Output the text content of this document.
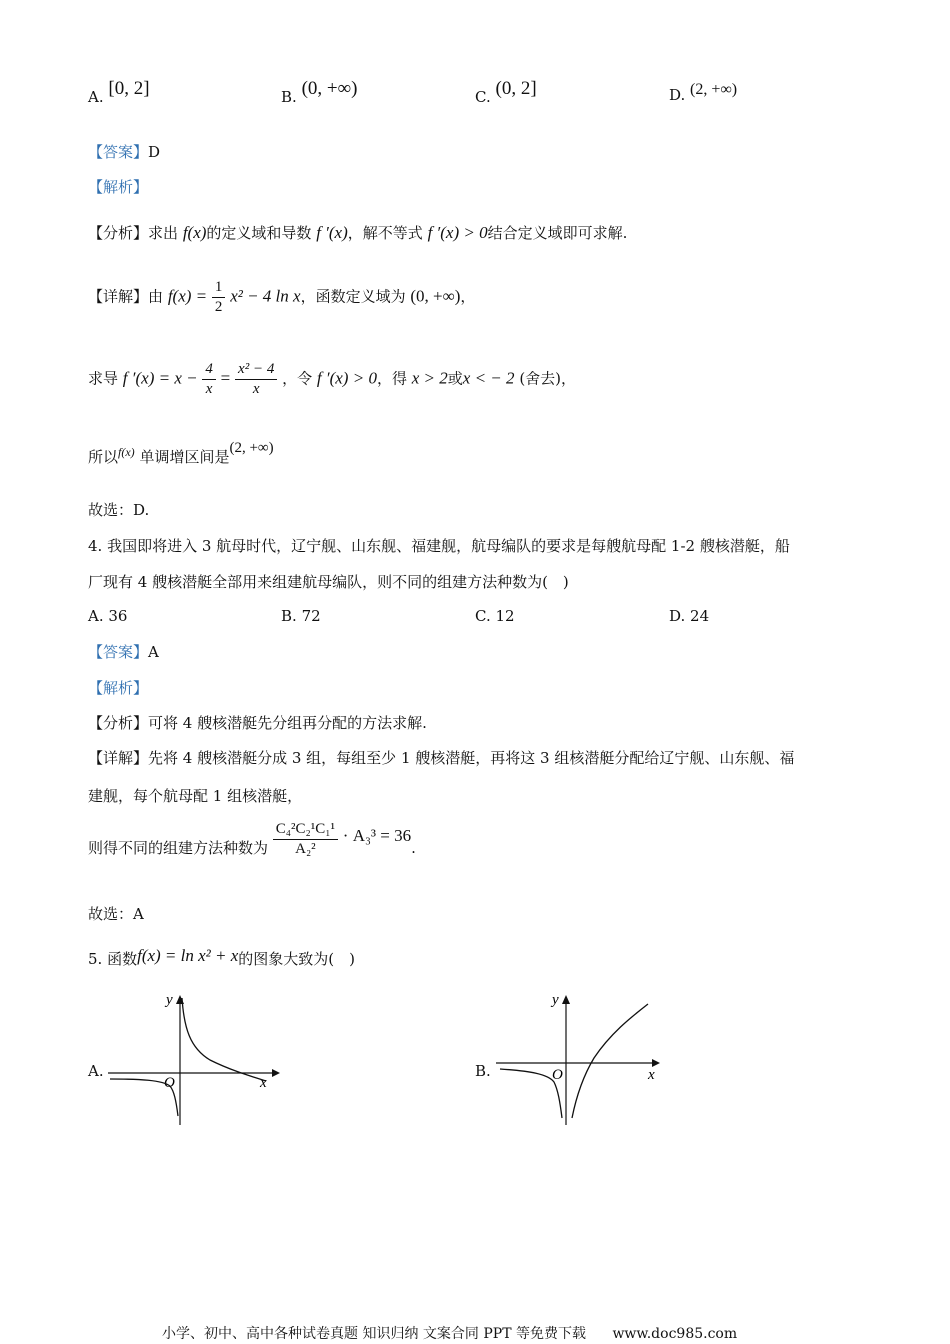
A. [0, 2]	B. (0, +∞)	C. (0, 2]	D. (2, +∞)
【答案】D
【解析】
【分析】求出 f(x)的定义域和导数 f ′(x)，解不等式 f ′(x) > 0结合定义域即可求解.
【详解】由 $f(x) = \frac{1}{2} x^2 - 4$ ln x，函数定义域为 (0, +∞)，
求导 f $'(x) = x - \frac{4}{x} = \frac{\text{x² − 4}}{x}$ ，令 f ′(x) > 0，得 x > 2或x < − 2 (舍去)，
所以$^{f(x)}$ 单调增区间是(2, +∞)
故选：D.
4. 我国即将进入 3 航母时代，辽宁舰、山东舰、福建舰，航母编队的要求是每艘航母配 1-2 艘核潜艇，船
厂现有 4 艘核潜艇全部用来组建航母编队，则不同的组建方法种数为(　)
A. 36	B. 72	C. 12	D. 24
【答案】A
【解析】
【分析】可将 4 艘核潜艇先分组再分配的方法求解.
【详解】先将 4 艘核潜艇分成 3 组，每组至少 1 艘核潜艇，再将这 3 组核潜艇分配给辽宁舰、山东舰、福
建舰，每个航母配 1 组核潜艇，
则得不同的组建方法种数为 $\frac{\text{C₄²C₂¹C₁¹}}{\text{A₂²}} \cdot A_3^3 = 36$.
故选：A
5. 函数f(x) = ln x² + x的图象大致为(　)
A.
y
x
O
B.
y
x
O
小学、初中、高中各种试卷真题 知识归纳 文案合同 PPT 等免费下载 www.doc985.com
